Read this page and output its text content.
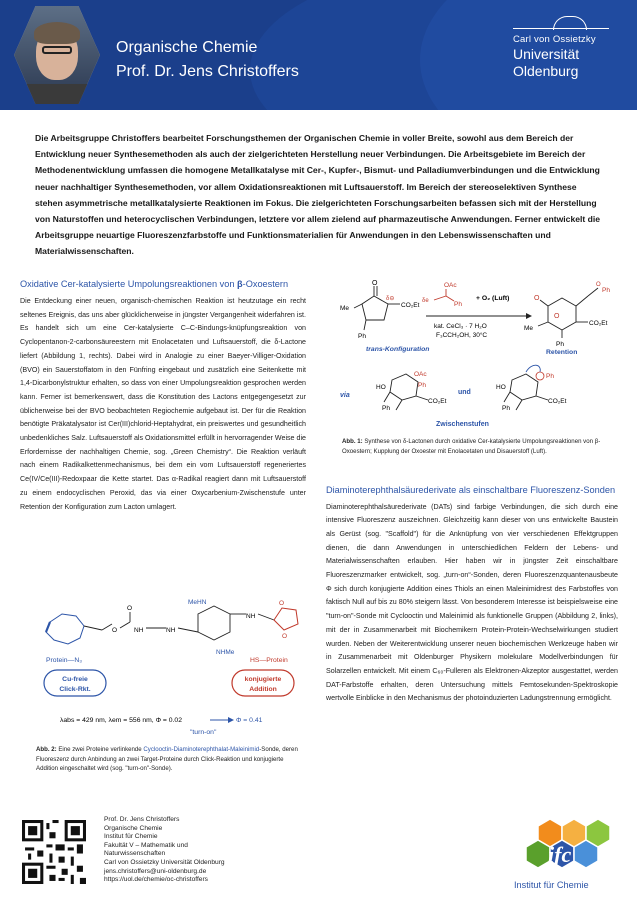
Organische Chemie
Prof. Dr. Jens Christoffers
Carl von Ossietzky
Universität
Oldenburg

Die Arbeitsgruppe Christoffers bearbeitet Forschungsthemen der Organischen Chemie in voller Breite, sowohl aus dem Bereich der Entwicklung neuer Synthesemethoden als auch der zielgerichteten Herstellung neuer Verbindungen. Die Arbeitsgebiete im Bereich der Methodenentwicklung umfassen die homogene Metallkatalyse mit Cer-, Kupfer-, Bismut- und Palladiumverbindungen und die Entwicklung neuer nachhaltiger Synthesemethoden, vor allem Oxidationsreaktionen mit Luftsauerstoff. Im Bereich der stereoselektiven Synthese stehen asymmetrische metallkatalysierte Reaktionen im Fokus. Die zielgerichteten Forschungsarbeiten befassen sich mit der Herstellung von Naturstoffen und heterocyclischen Verbindungen, letztere vor allem zielend auf pharmazeutische Anwendungen. Ferner entwickelt die Arbeitsgruppe neuartige Fluoreszenzfarbstoffe und Funktionsmaterialien für Anwendungen in den Lebenswissenschaften und Materialwissenschaften.

Oxidative Cer-katalysierte Umpolungsreaktionen von β-Oxoestern

Die Entdeckung einer neuen, organisch-chemischen Reaktion ist heutzutage ein recht seltenes Ereignis, das uns aber glücklicherweise in jüngster Vergangenheit widerfahren ist. Es handelt sich um eine Cer-katalysierte C–C-Bindungs-knüpfungsreaktion von Cyclopentanon-2-carbonsäureestern mit Enolacetaten und Luftsauerstoff, die δ-Lactone liefert (Abbildung 1, rechts). Dabei wird in Analogie zu einer Baeyer-Villiger-Oxidation (BVO) ein Sauerstoffatom in den Fünfring eingebaut und zusätzlich eine Seitenkette mit 1,4-Dicarbonylstruktur erhalten, so dass von einer Umpolungsreaktion gesprochen werden kann. Ferner ist bemerkenswert, dass die Konstitution des Lactons entgegengesetzt zur üblicherweise bei der BVO beobachteten Regiochemie aufgebaut ist. Der für die Reaktion benötigte Präkatalysator ist Cer(III)chlorid-Heptahydrat, ein preiswertes und gesundheitlich unbedenkliches Salz. Luftsauerstoff als Oxidationsmittel erfüllt in hervorragender Weise die Erfordernisse der nachhaltigen Chemie, sog. „Green Chemistry“. Die Reaktion verläuft nach einem Radikalkettenmechanismus, bei dem ein vom Luftsauerstoff regeneriertes Ce(IV/Ce(III)-Redoxpaar die Kette startet. Das α-Radikal reagiert dann mit Luftsauerstoff zu einem endocyclischen Peroxid, das via einer Oxycarbenium-Zwischenstufe unter Retention der Konfiguration zum Lacton umlagert.

O
CO₂Et
Me
Ph
δ⊖
trans-Konfiguration
OAc
δe	Ph
+ O₂ (Luft)
kat. CeCl₃ · 7 H₂O
F₃CCH₂OH, 30°C
O
O
O
Ph
CO₂Et
Me
Ph
Retention
via
HO
OAc
Ph
CO₂Et
Ph
und
HO
Ph
CO₂Et
Ph
Zwischenstufen

Abb. 1: Synthese von δ-Lactonen durch oxidative Cer-katalysierte Umpolungsreaktionen von β-Oxoestern; Kupplung der Oxoester mit Enolacetaten und Disauerstoff (Luft).

Diaminoterephthalsäurederivate als einschaltbare Fluoreszenz-Sonden

Diaminoterephthalsäurederivate (DATs) sind farbige Verbindungen, die sich durch eine intensive Fluoreszenz auszeichnen. Gleichzeitig kann dieser von uns entwickelte Baustein als Gerüst (sog. "Scaffold") für die Anknüpfung von vier verschiedenen Effektgruppen dienen, die dann Anwendungen in unterschiedlichen Feldern der Lebens- und Materialwissenschaften erlauben. Hier haben wir in jüngster Zeit einschaltbare Fluoreszenzmarker entwickelt, sog. „turn-on“-Sonden, deren Fluoreszenzquantenausbeute Φ sich durch konjugierte Addition eines Thiols an einen Maleinimidrest des Farbstoffes von faktisch Null auf bis zu 80% steigern lässt. Von besonderem Interesse ist beispielsweise eine "turn-on"-Sonde mit Cyclooctin und Maleinimid als funktionelle Gruppen (Abbildung 2, links), mit der in Zusammenarbeit mit Biochemikern Protein-Protein-Wechselwirkungen studiert wurden. Neben der Weiterentwicklung unserer neuen biochemischen Werkzeuge haben wir in Zusammenarbeit mit Oldenburger Physikern molekulare Modellverbindungen für Solarzellen entwickelt. Mit einem C₆₀-Fulleren als Elektronen-Akzeptor ausgestattet, werden DAT-Farbstoffe erhalten, deren Untersuchung mittels Femtosekunden-Spektroskopie wertvolle Einblicke in den Mechanismus der photoinduzierten Ladungstrennung ermöglicht.

O
O
NH	NH
MeHN
NHMe
NH
O
O
Protein—N₃	HS—Protein
Cu-freie
Click-Rkt.
konjugierte
Addition
λabs = 429 nm, λem = 556 nm, Φ = 0.02	Φ = 0.41
"turn-on"

Abb. 2: Eine zwei Proteine verlinkende Cyclooctin-Diaminoterephthalat-Maleinimid-Sonde, deren Fluoreszenz durch Anbindung an zwei Target-Proteine durch Click-Reaktion und konjugierte Addition eingeschaltet wird (sog. "turn-on"-Sonde).

Prof. Dr. Jens Christoffers
Organische Chemie
Institut für Chemie
Fakultät V – Mathematik und
Naturwissenschaften
Carl von Ossietzky Universität Oldenburg
jens.christoffers@uni-oldenburg.de
https://uol.de/chemie/oc-christoffers
ifc
Institut für Chemie
